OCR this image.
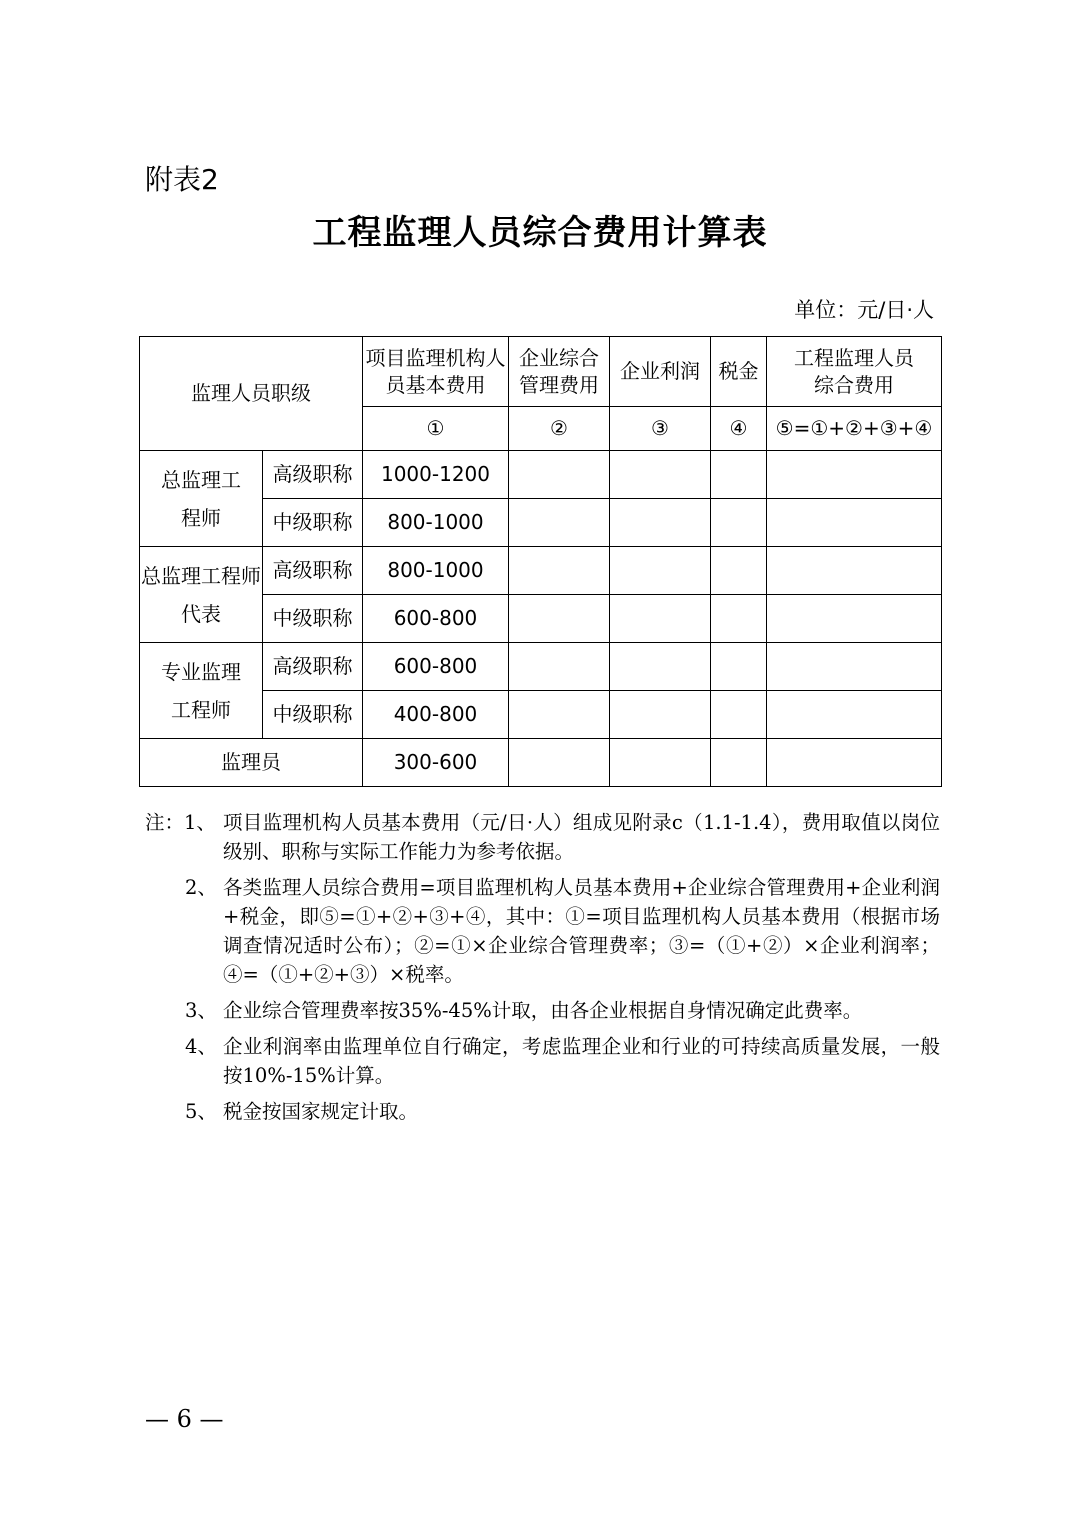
附表2
工程监理人员综合费用计算表
单位：元/日·人
监理人员职级		项目监理机构人员基本费用	企业综合管理费用	企业利润	税金	工程监理人员综合费用

		①	②	③	④	⑤=①+②+③+④

总监理工程师	高级职称	1000-1200				
	中级职称	800-1000				

总监理工程师代表	高级职称	800-1000				
	中级职称	600-800				

专业监理工程师	高级职称	600-800				
	中级职称	400-800				
监理员		300-600				
注：1、 项目监理机构人员基本费用（元/日·人）组成见附录c（1.1-1.4），费用取值以岗位级别、职称与实际工作能力为参考依据。
2、 各类监理人员综合费用=项目监理机构人员基本费用+企业综合管理费用+企业利润+税金，即⑤=①+②+③+④，其中：①=项目监理机构人员基本费用（根据市场调查情况适时公布）；②=①×企业综合管理费率；③=（①+②）×企业利润率；④=（①+②+③）×税率。
3、 企业综合管理费率按35%-45%计取，由各企业根据自身情况确定此费率。
4、 企业利润率由监理单位自行确定，考虑监理企业和行业的可持续高质量发展，一般按10%-15%计算。
5、 税金按国家规定计取。
— 6 —
